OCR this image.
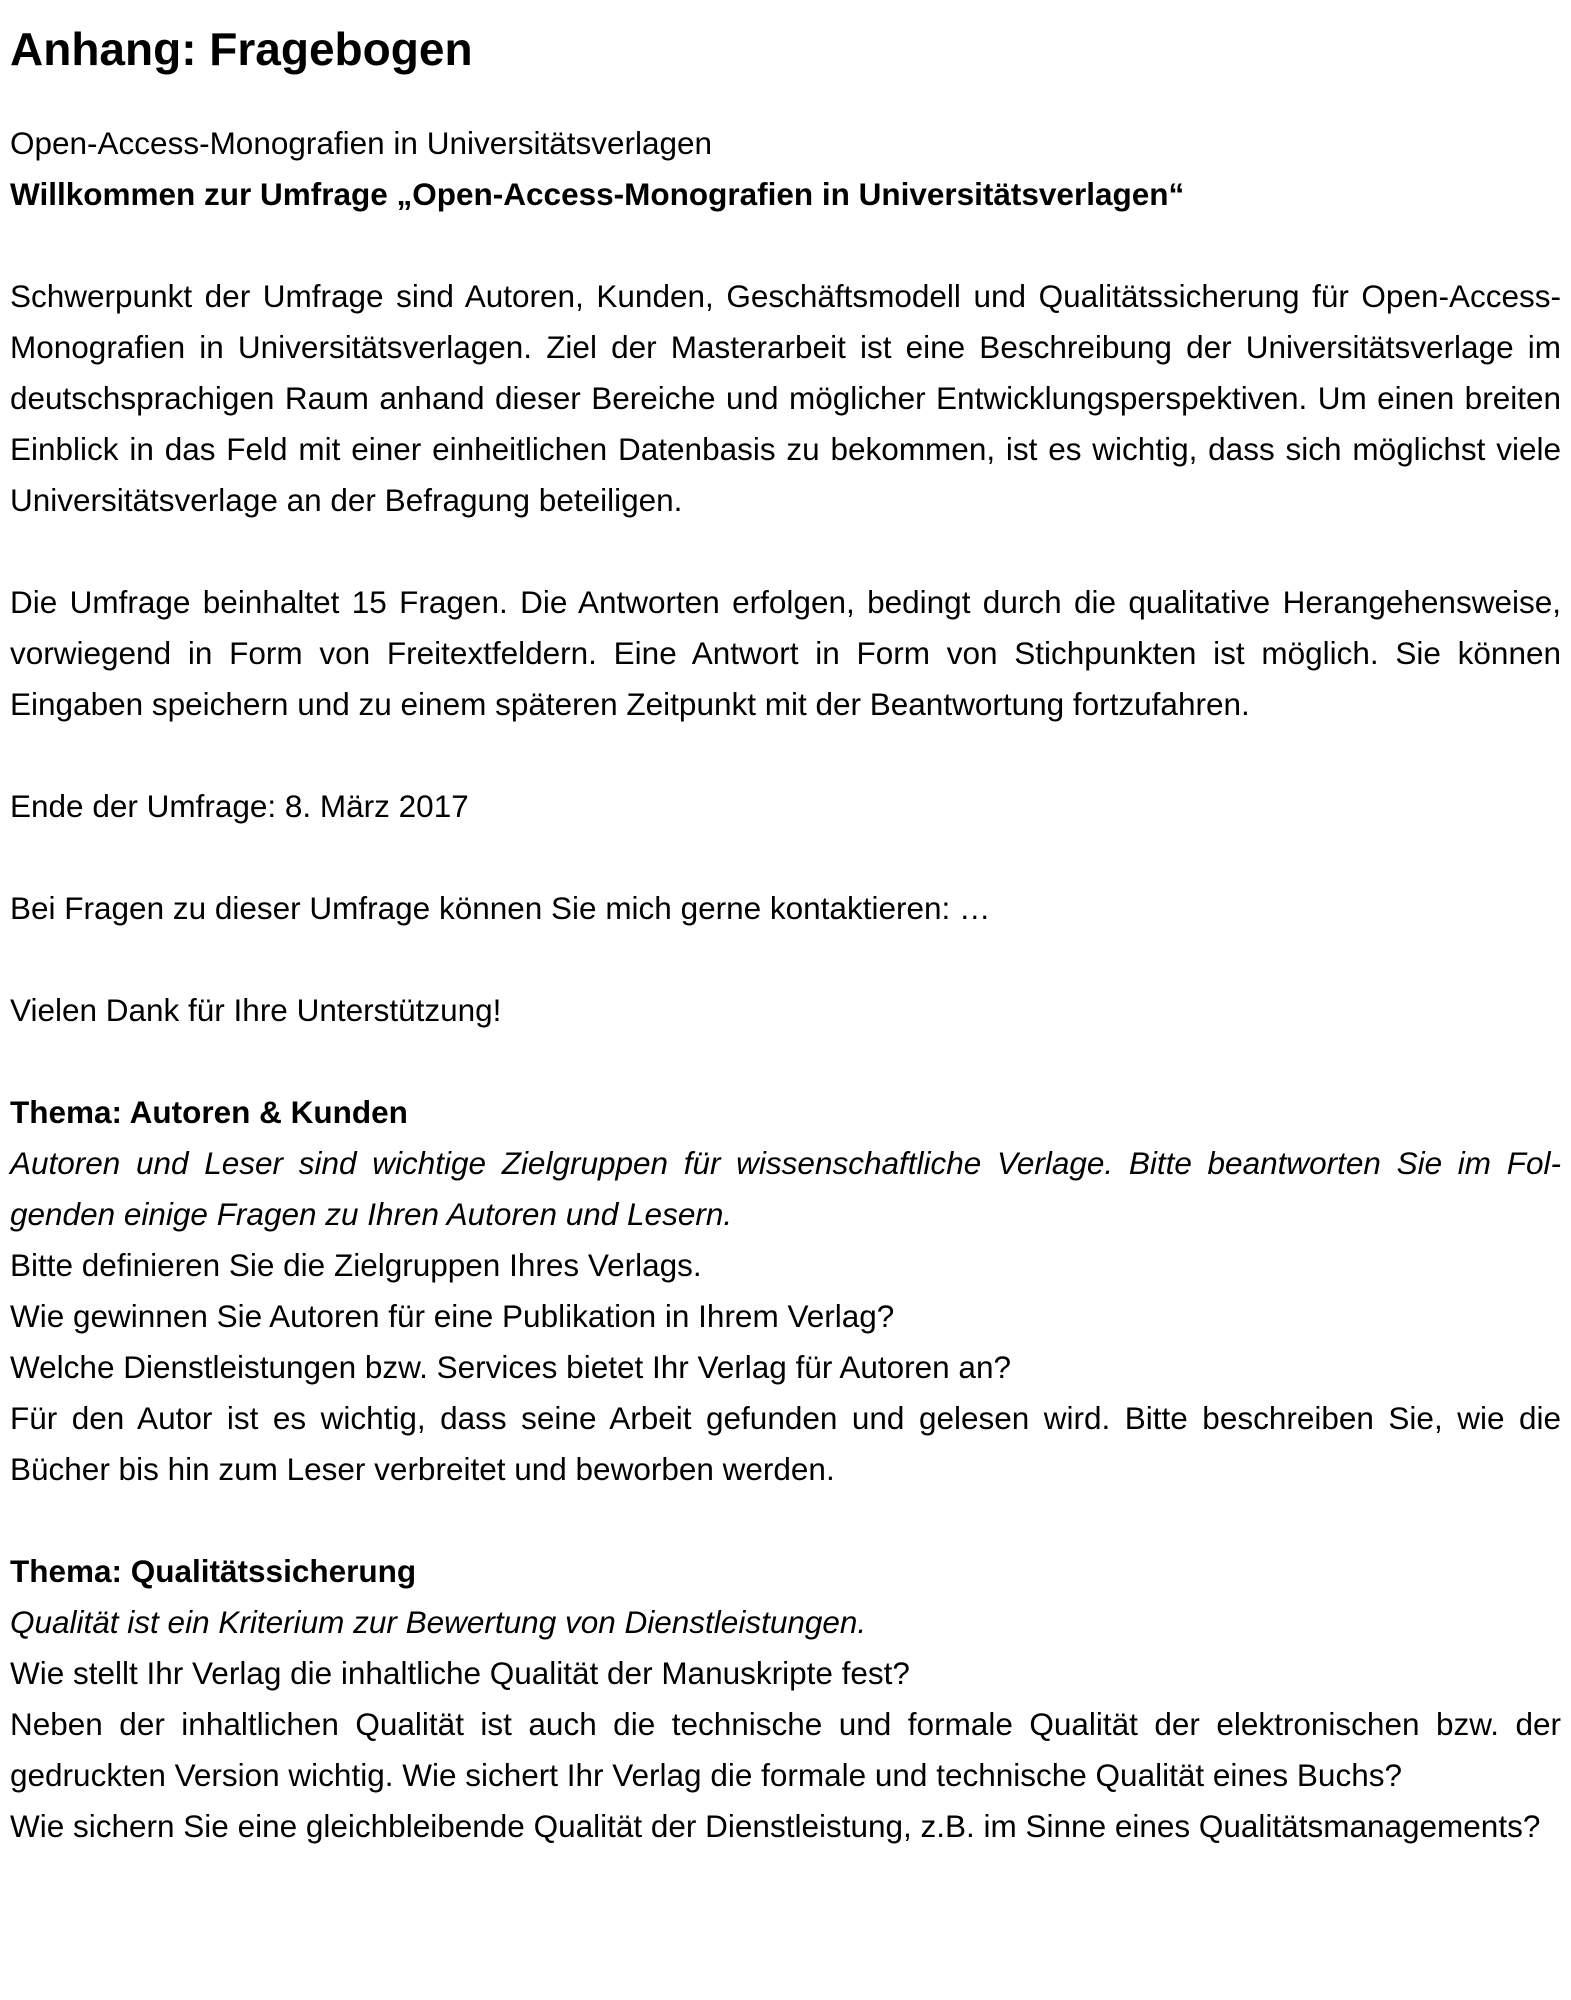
Anhang: Fragebogen

Open-Access-Monografien in Universitätsverlagen

Willkommen zur Umfrage „Open-Access-Monografien in Universitätsverlagen“

Schwerpunkt der Umfrage sind Autoren, Kunden, Geschäftsmodell und Qualitätssicherung für Open-Access-Monografien in Universitätsverlagen. Ziel der Masterarbeit ist eine Beschreibung der Universitätsverlage im deutschsprachigen Raum anhand dieser Bereiche und möglicher Entwicklungsperspektiven. Um einen breiten Einblick in das Feld mit einer einheitlichen Datenbasis zu bekommen, ist es wichtig, dass sich möglichst viele Universitätsverlage an der Befragung beteiligen.

Die Umfrage beinhaltet 15 Fragen. Die Antworten erfolgen, bedingt durch die qualitative Herangehensweise, vorwiegend in Form von Freitextfeldern. Eine Antwort in Form von Stichpunkten ist möglich. Sie können Eingaben speichern und zu einem späteren Zeitpunkt mit der Beantwortung fortzufahren.

Ende der Umfrage: 8. März 2017

Bei Fragen zu dieser Umfrage können Sie mich gerne kontaktieren: …

Vielen Dank für Ihre Unterstützung!

Thema: Autoren & Kunden

Autoren und Leser sind wichtige Zielgruppen für wissenschaftliche Verlage. Bitte beantworten Sie im Folgenden einige Fragen zu Ihren Autoren und Lesern.

Bitte definieren Sie die Zielgruppen Ihres Verlags.

Wie gewinnen Sie Autoren für eine Publikation in Ihrem Verlag?

Welche Dienstleistungen bzw. Services bietet Ihr Verlag für Autoren an?

Für den Autor ist es wichtig, dass seine Arbeit gefunden und gelesen wird. Bitte beschreiben Sie, wie die Bücher bis hin zum Leser verbreitet und beworben werden.

Thema: Qualitätssicherung

Qualität ist ein Kriterium zur Bewertung von Dienstleistungen.

Wie stellt Ihr Verlag die inhaltliche Qualität der Manuskripte fest?

Neben der inhaltlichen Qualität ist auch die technische und formale Qualität der elektronischen bzw. der gedruckten Version wichtig. Wie sichert Ihr Verlag die formale und technische Qualität eines Buchs?

Wie sichern Sie eine gleichbleibende Qualität der Dienstleistung, z.B. im Sinne eines Qualitätsmanagements?
